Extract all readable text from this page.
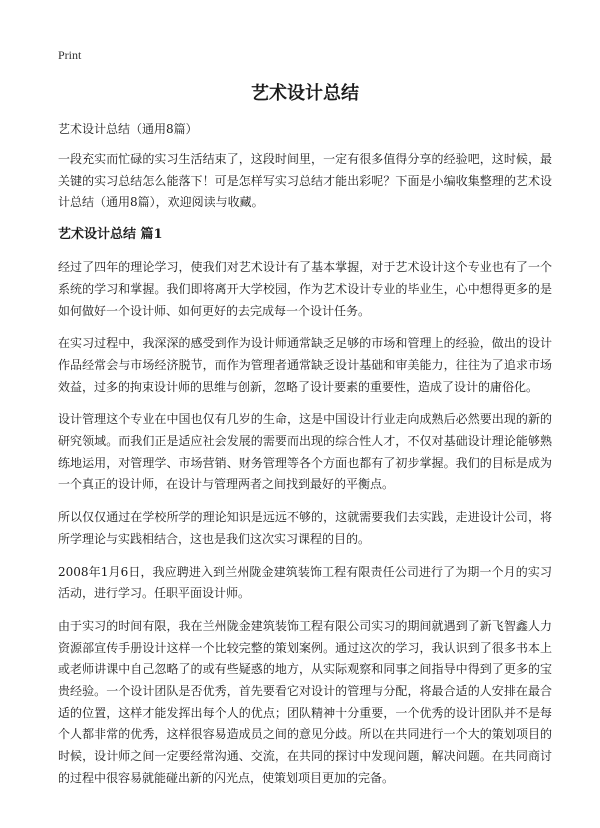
Print
艺术设计总结
艺术设计总结（通用8篇）

一段充实而忙碌的实习生活结束了，这段时间里，一定有很多值得分享的经验吧，这时候，最关键的实习总结怎么能落下！可是怎样写实习总结才能出彩呢？下面是小编收集整理的艺术设计总结（通用8篇），欢迎阅读与收藏。

艺术设计总结 篇1

经过了四年的理论学习，使我们对艺术设计有了基本掌握，对于艺术设计这个专业也有了一个系统的学习和掌握。我们即将离开大学校园，作为艺术设计专业的毕业生，心中想得更多的是如何做好一个设计师、如何更好的去完成每一个设计任务。

在实习过程中，我深深的感受到作为设计师通常缺乏足够的市场和管理上的经验，做出的设计作品经常会与市场经济脱节，而作为管理者通常缺乏设计基础和审美能力，往往为了追求市场效益，过多的拘束设计师的思维与创新，忽略了设计要素的重要性，造成了设计的庸俗化。

设计管理这个专业在中国也仅有几岁的生命，这是中国设计行业走向成熟后必然要出现的新的研究领域。而我们正是适应社会发展的需要而出现的综合性人才，不仅对基础设计理论能够熟练地运用，对管理学、市场营销、财务管理等各个方面也都有了初步掌握。我们的目标是成为一个真正的设计师，在设计与管理两者之间找到最好的平衡点。

所以仅仅通过在学校所学的理论知识是远远不够的，这就需要我们去实践，走进设计公司，将所学理论与实践相结合，这也是我们这次实习课程的目的。

2008年1月6日，我应聘进入到兰州陇金建筑装饰工程有限责任公司进行了为期一个月的实习活动，进行学习。任职平面设计师。

由于实习的时间有限，我在兰州陇金建筑装饰工程有限公司实习的期间就遇到了新飞智鑫人力资源部宣传手册设计这样一个比较完整的策划案例。通过这次的学习，我认识到了很多书本上或老师讲课中自己忽略了的或有些疑惑的地方，从实际观察和同事之间指导中得到了更多的宝贵经验。一个设计团队是否优秀，首先要看它对设计的管理与分配，将最合适的人安排在最合适的位置，这样才能发挥出每个人的优点；团队精神十分重要，一个优秀的设计团队并不是每个人都非常的优秀，这样很容易造成员之间的意见分歧。所以在共同进行一个大的策划项目的时候，设计师之间一定要经常沟通、交流，在共同的探讨中发现问题，解决问题。在共同商讨的过程中很容易就能碰出新的闪光点，使策划项目更加的完备。
